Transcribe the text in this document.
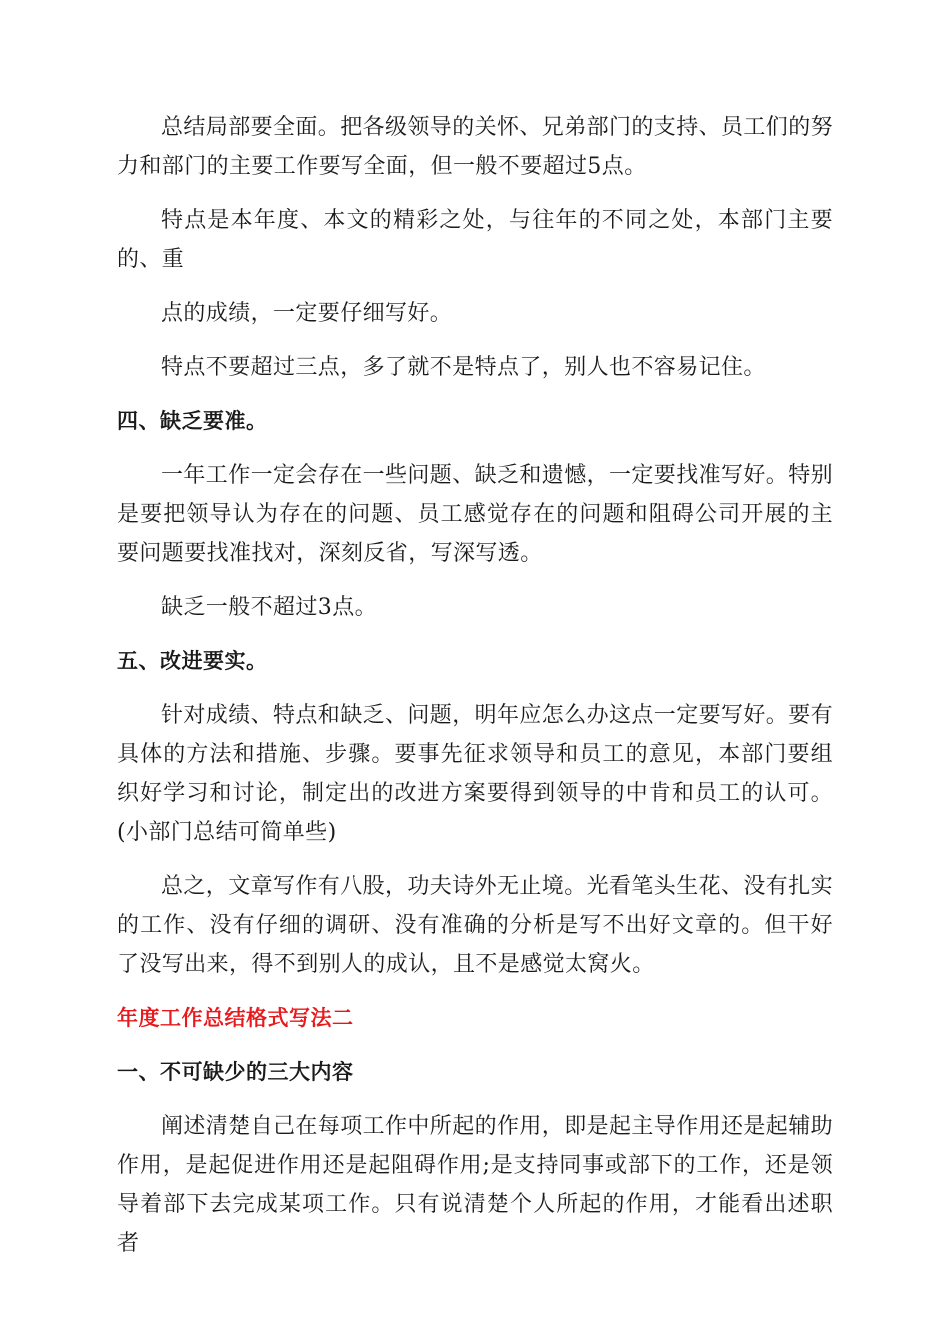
总结局部要全面。把各级领导的关怀、兄弟部门的支持、员工们的努力和部门的主要工作要写全面，但一般不要超过5点。

特点是本年度、本文的精彩之处，与往年的不同之处，本部门主要的、重

点的成绩，一定要仔细写好。

特点不要超过三点，多了就不是特点了，别人也不容易记住。

四、缺乏要准。

一年工作一定会存在一些问题、缺乏和遗憾，一定要找准写好。特别是要把领导认为存在的问题、员工感觉存在的问题和阻碍公司开展的主要问题要找准找对，深刻反省，写深写透。

缺乏一般不超过3点。

五、改进要实。

针对成绩、特点和缺乏、问题，明年应怎么办这点一定要写好。要有具体的方法和措施、步骤。要事先征求领导和员工的意见，本部门要组织好学习和讨论，制定出的改进方案要得到领导的中肯和员工的认可。(小部门总结可简单些)

总之，文章写作有八股，功夫诗外无止境。光看笔头生花、没有扎实的工作、没有仔细的调研、没有准确的分析是写不出好文章的。但干好了没写出来，得不到别人的成认，且不是感觉太窝火。

年度工作总结格式写法二
一、不可缺少的三大内容

阐述清楚自己在每项工作中所起的作用，即是起主导作用还是起辅助作用，是起促进作用还是起阻碍作用;是支持同事或部下的工作，还是领导着部下去完成某项工作。只有说清楚个人所起的作用，才能看出述职者
